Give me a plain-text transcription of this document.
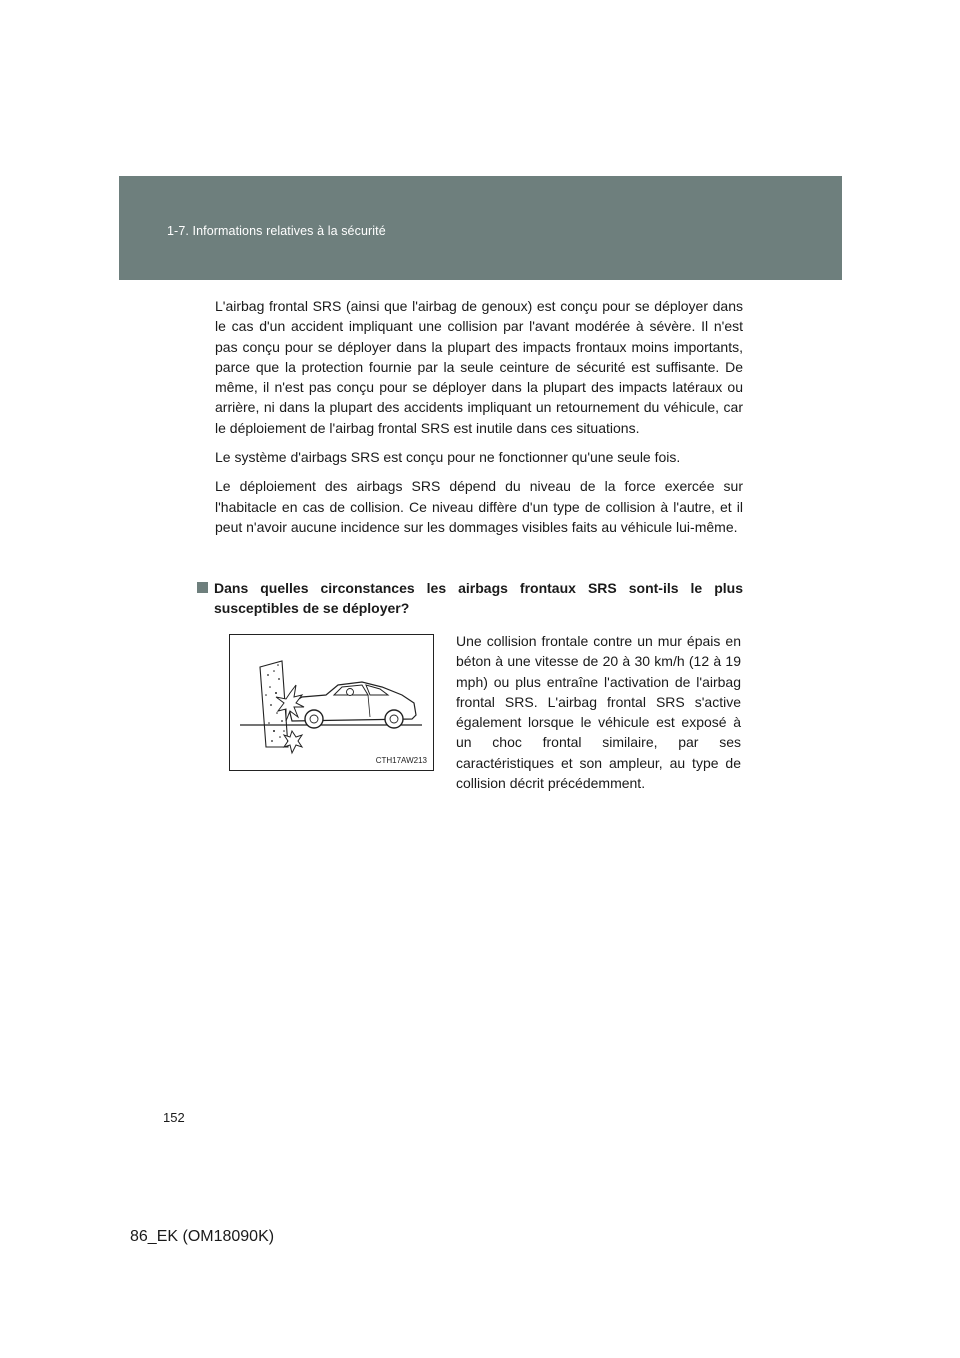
1-7. Informations relatives à la sécurité

L'airbag frontal SRS (ainsi que l'airbag de genoux) est conçu pour se déployer dans le cas d'un accident impliquant une collision par l'avant modérée à sévère. Il n'est pas conçu pour se déployer dans la plupart des impacts frontaux moins importants, parce que la protection fournie par la seule ceinture de sécurité est suffisante. De même, il n'est pas conçu pour se déployer dans la plupart des impacts latéraux ou arrière, ni dans la plupart des accidents impliquant un retournement du véhicule, car le déploiement de l'airbag frontal SRS est inutile dans ces situations.

Le système d'airbags SRS est conçu pour ne fonctionner qu'une seule fois.

Le déploiement des airbags SRS dépend du niveau de la force exercée sur l'habitacle en cas de collision. Ce niveau diffère d'un type de collision à l'autre, et il peut n'avoir aucune incidence sur les dommages visibles faits au véhicule lui-même.

Dans quelles circonstances les airbags frontaux SRS sont-ils le plus susceptibles de se déployer?
CTH17AW213

Une collision frontale contre un mur épais en béton à une vitesse de 20 à 30 km/h (12 à 19 mph) ou plus entraîne l'activation de l'airbag frontal SRS. L'airbag frontal SRS s'active également lorsque le véhicule est exposé à un choc frontal similaire, par ses caractéristiques et son ampleur, au type de collision décrit précédemment.

152
86_EK (OM18090K)
